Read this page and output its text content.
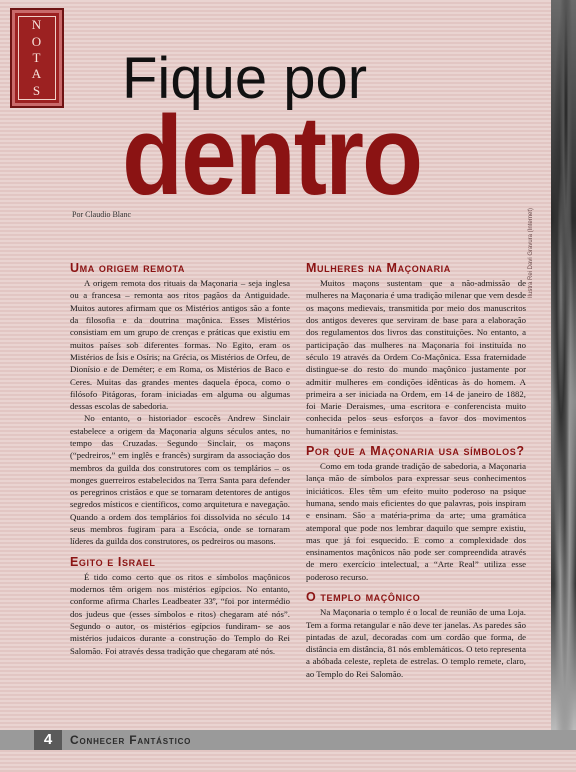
N
O
T
A
S
Ilustra Rei Davi Gravura (Internet)
Fique por
dentro
Por Claudio Blanc
Uma origem remota

A origem remota dos rituais da Maçonaria – seja inglesa ou a francesa – remonta aos ritos pagãos da Antiguidade. Muitos autores afirmam que os Mistérios antigos são a fonte da filosofia e da doutrina maçônica. Esses Mistérios consistiam em um grupo de crenças e práticas que existiu em muitos países sob diferentes formas. No Egito, eram os Mistérios de Ísis e Osíris; na Grécia, os Mistérios de Orfeu, de Dionísio e de Deméter; e em Roma, os Mistérios de Baco e Ceres. Muitas das grandes mentes daquela época, como o filósofo Pitágoras, foram iniciadas em alguma ou algumas dessas escolas de sabedoria.

No entanto, o historiador escocês Andrew Sinclair estabelece a origem da Maçonaria alguns séculos antes, no tempo das Cruzadas. Segundo Sinclair, os maçons (“pedreiros,” em inglês e francês) surgiram da associação dos membros da guilda dos construtores com os templários – os monges guerreiros estabelecidos na Terra Santa para defender os peregrinos cristãos e que se tornaram detentores de antigos segredos místicos e científicos, como arquitetura e navegação. Quando a ordem dos templários foi dissolvida no século 14 seus membros fugiram para a Escócia, onde se tornaram líderes da guilda dos construtores, os pedreiros ou masons.

Egito e Israel

É tido como certo que os ritos e símbolos maçônicos modernos têm origem nos mistérios egípcios. No entanto, conforme afirma Charles Leadbeater 33º, “foi por intermédio dos judeus que (esses símbolos e ritos) chegaram até nós”. Segundo o autor, os mistérios egípcios fundiram- se aos mistérios judaicos durante a construção do Templo do Rei Salomão. Foi através dessa tradição que chegaram até nós.

Mulheres na Maçonaria

Muitos maçons sustentam que a não-admissão de mulheres na Maçonaria é uma tradição milenar que vem desde os maçons medievais, transmitida por meio dos manuscritos dos antigos deveres que serviram de base para a elaboração dos regulamentos dos livros das constituições. No entanto, a participação das mulheres na Maçonaria foi instituída no século 19 através da Ordem Co-Maçônica. Essa fraternidade distingue-se do resto do mundo maçônico justamente por admitir mulheres em condições idênticas às do homem. A primeira a ser iniciada na Ordem, em 14 de janeiro de 1882, foi Marie Deraismes, uma escritora e conferencista muito conhecida pelos seus esforços a favor dos movimentos humanitários e feministas.

Por que a Maçonaria usa símbolos?

Como em toda grande tradição de sabedoria, a Maçonaria lança mão de símbolos para expressar seus conhecimentos iniciáticos. Eles têm um efeito muito poderoso na psique humana, sendo mais eficientes do que palavras, pois inspiram e ensinam. São a matéria-prima da arte; uma gramática atemporal que pode nos lembrar daquilo que sempre existiu, mas que já foi esquecido. E como a complexidade dos ensinamentos maçônicos não pode ser compreendida através de mero exercício intelectual, a “Arte Real” utiliza esse poderoso recurso.

O templo maçônico

Na Maçonaria o templo é o local de reunião de uma Loja. Tem a forma retangular e não deve ter janelas. As paredes são pintadas de azul, decoradas com um cordão que forma, de distância em distância, 81 nós emblemáticos. O teto representa a abóbada celeste, repleta de estrelas. O templo remete, claro, ao Templo do Rei Salomão.

4	Conhecer Fantástico
